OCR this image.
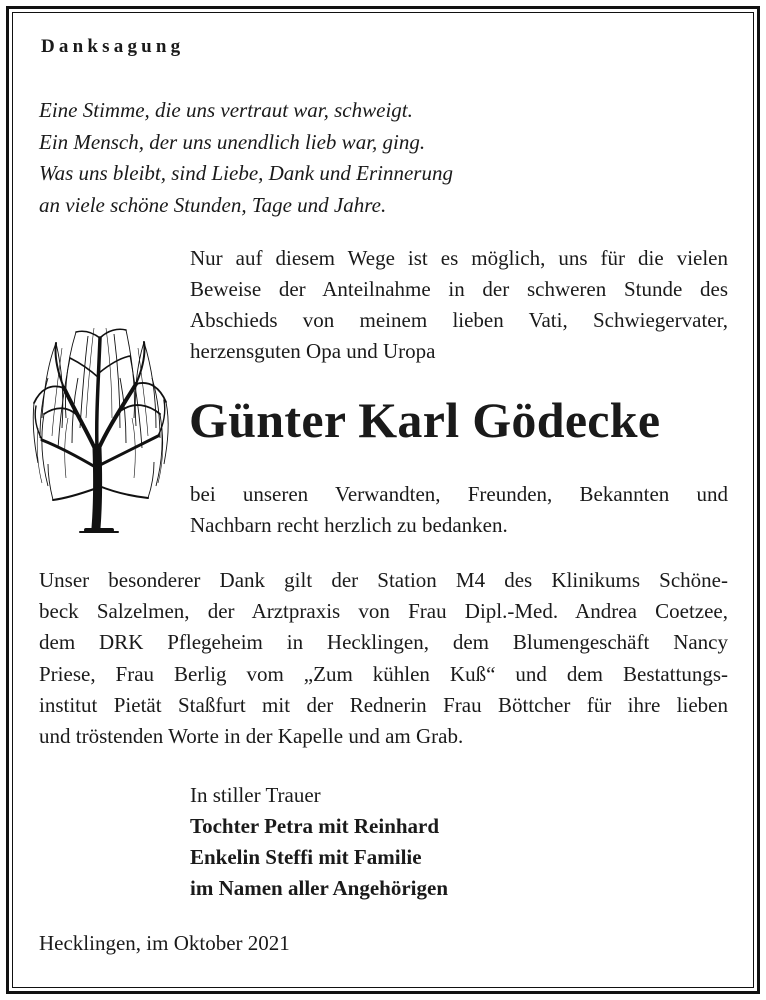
Danksagung
Eine Stimme, die uns vertraut war, schweigt.
Ein Mensch, der uns unendlich lieb war, ging.
Was uns bleibt, sind Liebe, Dank und Erinnerung
an viele schöne Stunden, Tage und Jahre.
Nur auf diesem Wege ist es möglich, uns für die vielen
Beweise der Anteilnahme in der schweren Stunde des
Abschieds von meinem lieben Vati, Schwiegervater,
herzensguten Opa und Uropa
Günter Karl Gödecke
bei unseren Verwandten, Freunden, Bekannten und
Nachbarn recht herzlich zu bedanken.
Unser besonderer Dank gilt der Station M4 des Klinikums Schöne-
beck Salzelmen, der Arztpraxis von Frau Dipl.-Med. Andrea Coetzee,
dem DRK Pflegeheim in Hecklingen, dem Blumengeschäft Nancy
Priese, Frau Berlig vom „Zum kühlen Kuß“ und dem Bestattungs-
institut Pietät Staßfurt mit der Rednerin Frau Böttcher für ihre lieben
und tröstenden Worte in der Kapelle und am Grab.
In stiller Trauer
Tochter Petra mit Reinhard
Enkelin Steffi mit Familie
im Namen aller Angehörigen
Hecklingen, im Oktober 2021
